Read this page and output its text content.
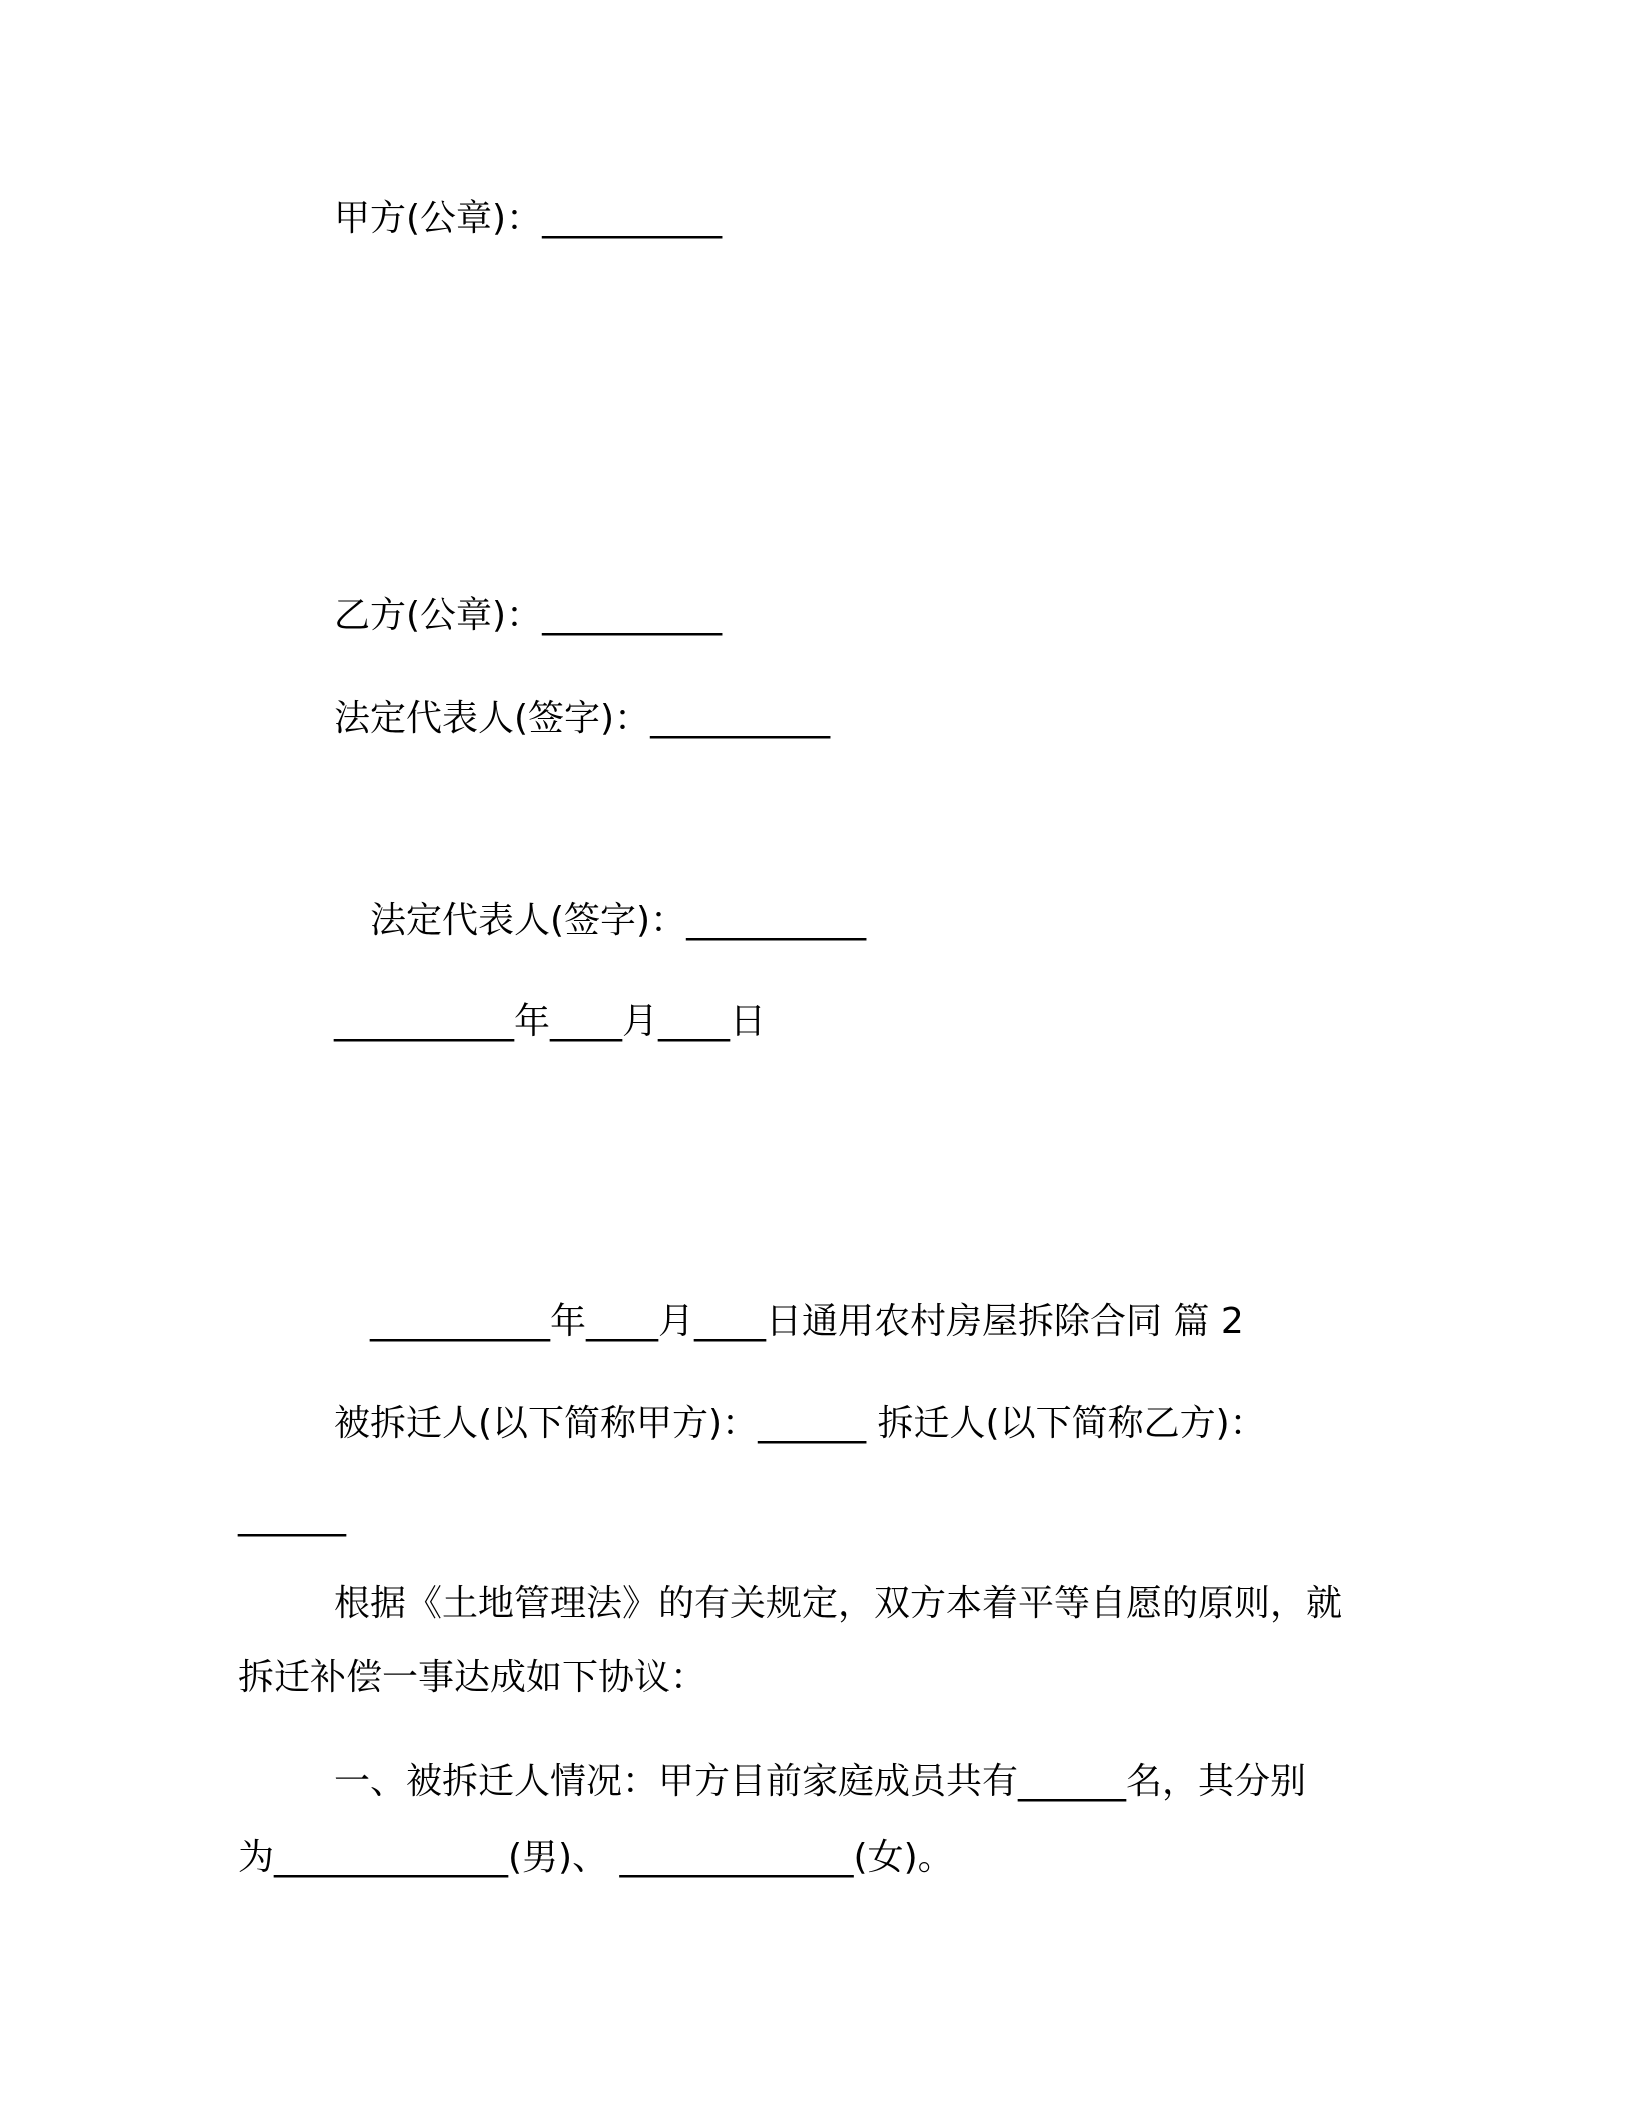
甲方(公章)：__________
乙方(公章)：__________
法定代表人(签字)：__________
法定代表人(签字)：__________
__________年____月____日
__________年____月____日通用农村房屋拆除合同 篇 2
被拆迁人(以下简称甲方)：______ 拆迁人(以下简称乙方)：
______
根据《土地管理法》的有关规定，双方本着平等自愿的原则，就
拆迁补偿一事达成如下协议：
一、被拆迁人情况：甲方目前家庭成员共有______名，其分别
为_____________(男)、 _____________(女)。
